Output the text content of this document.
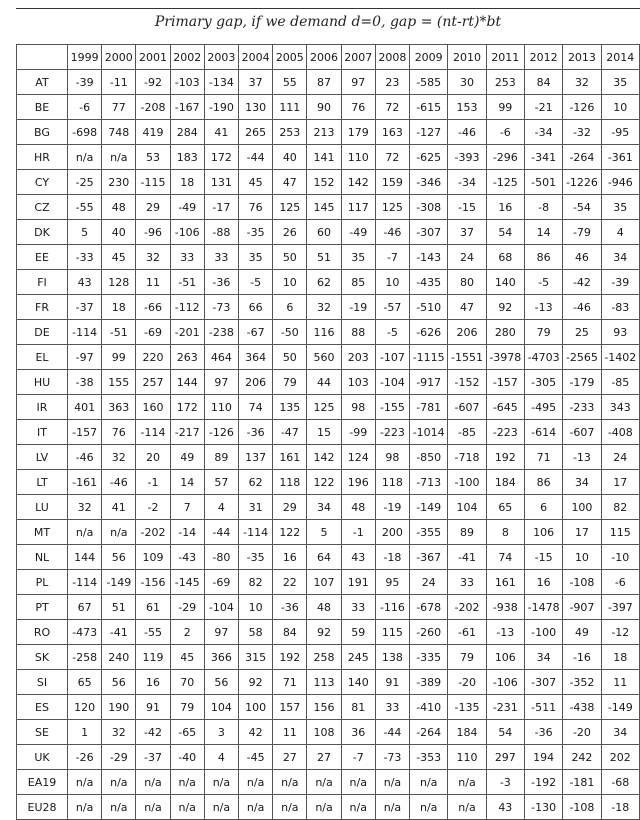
Primary gap, if we demand d=0, gap = (nt-rt)*bt
	1999	2000	2001	2002	2003	2004	2005	2006	2007	2008	2009	2010	2011	2012	2013	2014
AT	-39	-11	-92	-103	-134	37	55	87	97	23	-585	30	253	84	32	35
BE	-6	77	-208	-167	-190	130	111	90	76	72	-615	153	99	-21	-126	10
BG	-698	748	419	284	41	265	253	213	179	163	-127	-46	-6	-34	-32	-95
HR	n/a	n/a	53	183	172	-44	40	141	110	72	-625	-393	-296	-341	-264	-361
CY	-25	230	-115	18	131	45	47	152	142	159	-346	-34	-125	-501	-1226	-946
CZ	-55	48	29	-49	-17	76	125	145	117	125	-308	-15	16	-8	-54	35
DK	5	40	-96	-106	-88	-35	26	60	-49	-46	-307	37	54	14	-79	4
EE	-33	45	32	33	33	35	50	51	35	-7	-143	24	68	86	46	34
FI	43	128	11	-51	-36	-5	10	62	85	10	-435	80	140	-5	-42	-39
FR	-37	18	-66	-112	-73	66	6	32	-19	-57	-510	47	92	-13	-46	-83
DE	-114	-51	-69	-201	-238	-67	-50	116	88	-5	-626	206	280	79	25	93
EL	-97	99	220	263	464	364	50	560	203	-107	-1115	-1551	-3978	-4703	-2565	-1402
HU	-38	155	257	144	97	206	79	44	103	-104	-917	-152	-157	-305	-179	-85
IR	401	363	160	172	110	74	135	125	98	-155	-781	-607	-645	-495	-233	343
IT	-157	76	-114	-217	-126	-36	-47	15	-99	-223	-1014	-85	-223	-614	-607	-408
LV	-46	32	20	49	89	137	161	142	124	98	-850	-718	192	71	-13	24
LT	-161	-46	-1	14	57	62	118	122	196	118	-713	-100	184	86	34	17
LU	32	41	-2	7	4	31	29	34	48	-19	-149	104	65	6	100	82
MT	n/a	n/a	-202	-14	-44	-114	122	5	-1	200	-355	89	8	106	17	115
NL	144	56	109	-43	-80	-35	16	64	43	-18	-367	-41	74	-15	10	-10
PL	-114	-149	-156	-145	-69	82	22	107	191	95	24	33	161	16	-108	-6
PT	67	51	61	-29	-104	10	-36	48	33	-116	-678	-202	-938	-1478	-907	-397
RO	-473	-41	-55	2	97	58	84	92	59	115	-260	-61	-13	-100	49	-12
SK	-258	240	119	45	366	315	192	258	245	138	-335	79	106	34	-16	18
SI	65	56	16	70	56	92	71	113	140	91	-389	-20	-106	-307	-352	11
ES	120	190	91	79	104	100	157	156	81	33	-410	-135	-231	-511	-438	-149
SE	1	32	-42	-65	3	42	11	108	36	-44	-264	184	54	-36	-20	34
UK	-26	-29	-37	-40	4	-45	27	27	-7	-73	-353	110	297	194	242	202
EA19	n/a	n/a	n/a	n/a	n/a	n/a	n/a	n/a	n/a	n/a	n/a	n/a	-3	-192	-181	-68
EU28	n/a	n/a	n/a	n/a	n/a	n/a	n/a	n/a	n/a	n/a	n/a	n/a	43	-130	-108	-18
